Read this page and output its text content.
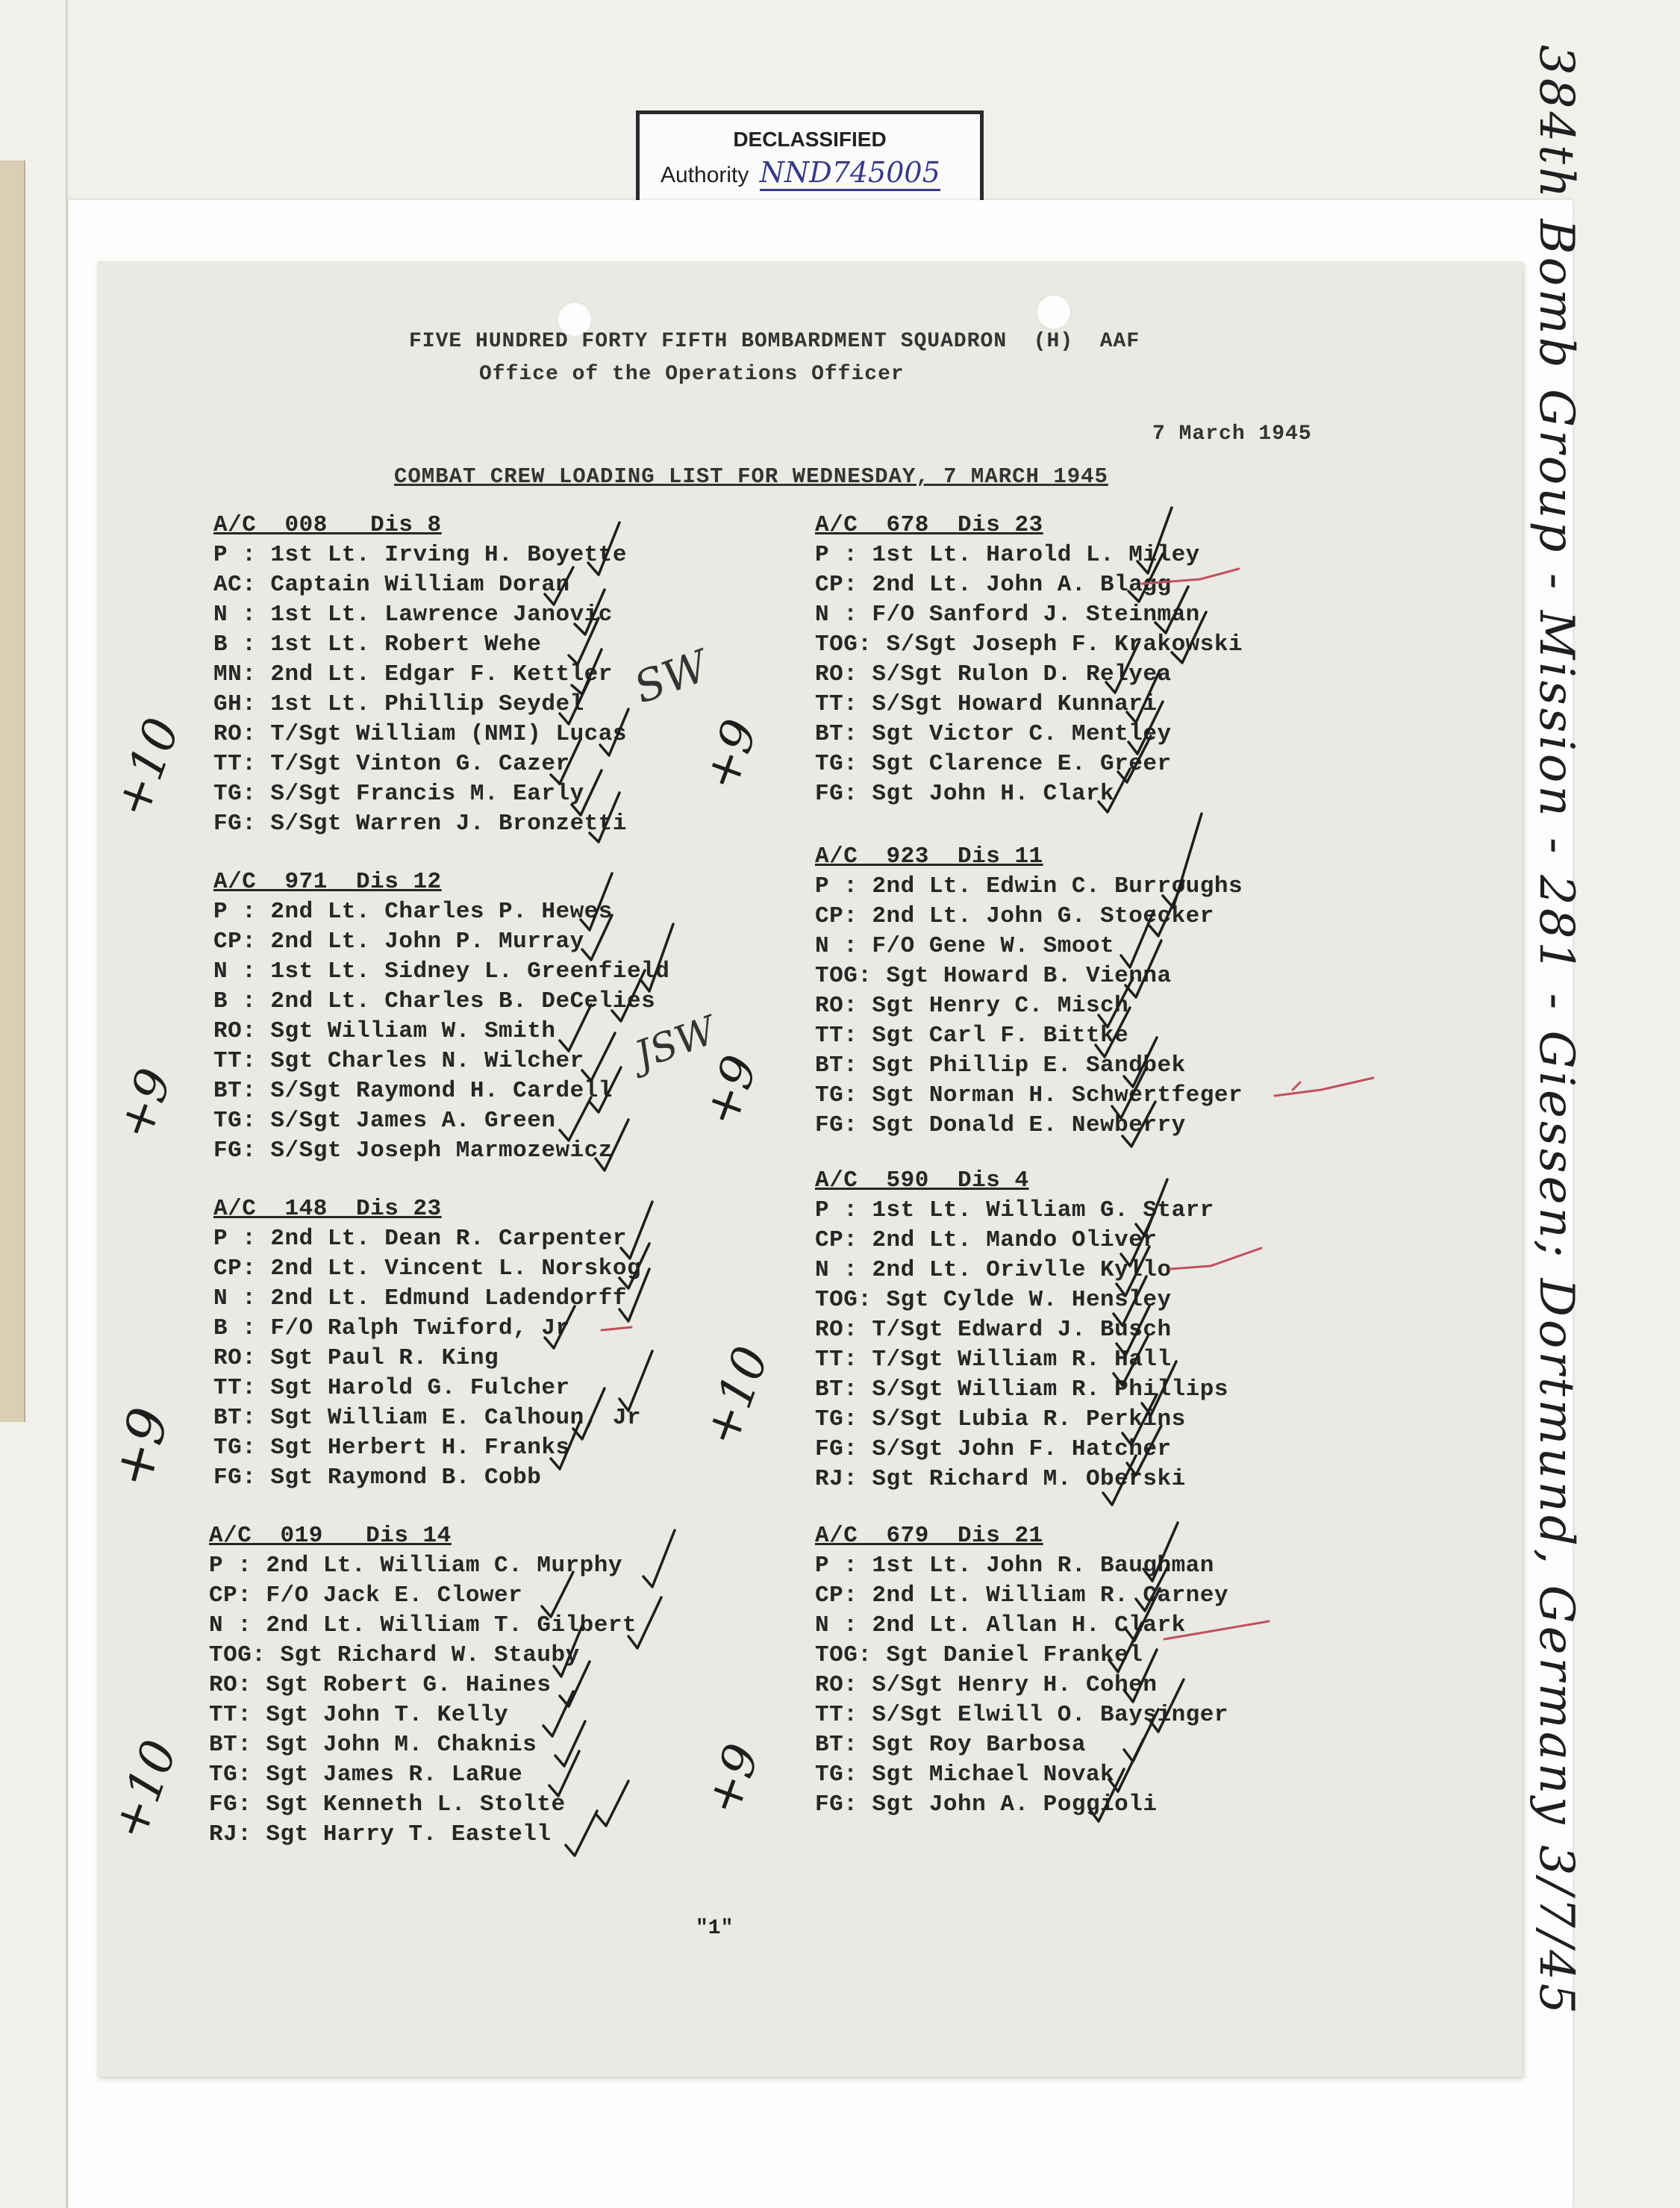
DECLASSIFIED
Authority NND745005
FIVE HUNDRED FORTY FIFTH BOMBARDMENT SQUADRON  (H)  AAF
Office of the Operations Officer
7 March 1945
COMBAT CREW LOADING LIST FOR WEDNESDAY, 7 MARCH 1945
A/C  008   Dis 8
P : 1st Lt. Irving H. Boyette
AC: Captain William Doran
N : 1st Lt. Lawrence Janovic
B : 1st Lt. Robert Wehe
MN: 2nd Lt. Edgar F. Kettler
GH: 1st Lt. Phillip Seydel
RO: T/Sgt William (NMI) Lucas
TT: T/Sgt Vinton G. Cazer
TG: S/Sgt Francis M. Early
FG: S/Sgt Warren J. Bronzetti
A/C  971  Dis 12
P : 2nd Lt. Charles P. Hewes
CP: 2nd Lt. John P. Murray
N : 1st Lt. Sidney L. Greenfield
B : 2nd Lt. Charles B. DeCelies
RO: Sgt William W. Smith
TT: Sgt Charles N. Wilcher
BT: S/Sgt Raymond H. Cardell
TG: S/Sgt James A. Green
FG: S/Sgt Joseph Marmozewicz
A/C  148  Dis 23
P : 2nd Lt. Dean R. Carpenter
CP: 2nd Lt. Vincent L. Norskog
N : 2nd Lt. Edmund Ladendorff
B : F/O Ralph Twiford, Jr
RO: Sgt Paul R. King
TT: Sgt Harold G. Fulcher
BT: Sgt William E. Calhoun, Jr
TG: Sgt Herbert H. Franks
FG: Sgt Raymond B. Cobb
A/C  019   Dis 14
P : 2nd Lt. William C. Murphy
CP: F/O Jack E. Clower
N : 2nd Lt. William T. Gilbert
TOG: Sgt Richard W. Stauby
RO: Sgt Robert G. Haines
TT: Sgt John T. Kelly
BT: Sgt John M. Chaknis
TG: Sgt James R. LaRue
FG: Sgt Kenneth L. Stolte
RJ: Sgt Harry T. Eastell
A/C  678  Dis 23
P : 1st Lt. Harold L. Miley
CP: 2nd Lt. John A. Blagg
N : F/O Sanford J. Steinman
TOG: S/Sgt Joseph F. Krakowski
RO: S/Sgt Rulon D. Relyea
TT: S/Sgt Howard Kunnari
BT: Sgt Victor C. Mentley
TG: Sgt Clarence E. Greer
FG: Sgt John H. Clark
A/C  923  Dis 11
P : 2nd Lt. Edwin C. Burroughs
CP: 2nd Lt. John G. Stoecker
N : F/O Gene W. Smoot
TOG: Sgt Howard B. Vienna
RO: Sgt Henry C. Misch
TT: Sgt Carl F. Bittke
BT: Sgt Phillip E. Sandbek
TG: Sgt Norman H. Schwertfeger
FG: Sgt Donald E. Newberry
A/C  590  Dis 4
P : 1st Lt. William G. Starr
CP: 2nd Lt. Mando Oliver
N : 2nd Lt. Orivlle Kyllo
TOG: Sgt Cylde W. Hensley
RO: T/Sgt Edward J. Busch
TT: T/Sgt William R. Hall
BT: S/Sgt William R. Phillips
TG: S/Sgt Lubia R. Perkins
FG: S/Sgt John F. Hatcher
RJ: Sgt Richard M. Oberski
A/C  679  Dis 21
P : 1st Lt. John R. Baughman
CP: 2nd Lt. William R. Carney
N : 2nd Lt. Allan H. Clark
TOG: Sgt Daniel Frankel
RO: S/Sgt Henry H. Cohen
TT: S/Sgt Elwill O. Baysinger
BT: Sgt Roy Barbosa
TG: Sgt Michael Novak
FG: Sgt John A. Poggioli
"1"
+10
+9
+9
+10
+9
+9
+10
+9
SW
JSW	384th Bomb Group - Mission - 281 - Giessen; Dortmund, Germany 3/7/45
